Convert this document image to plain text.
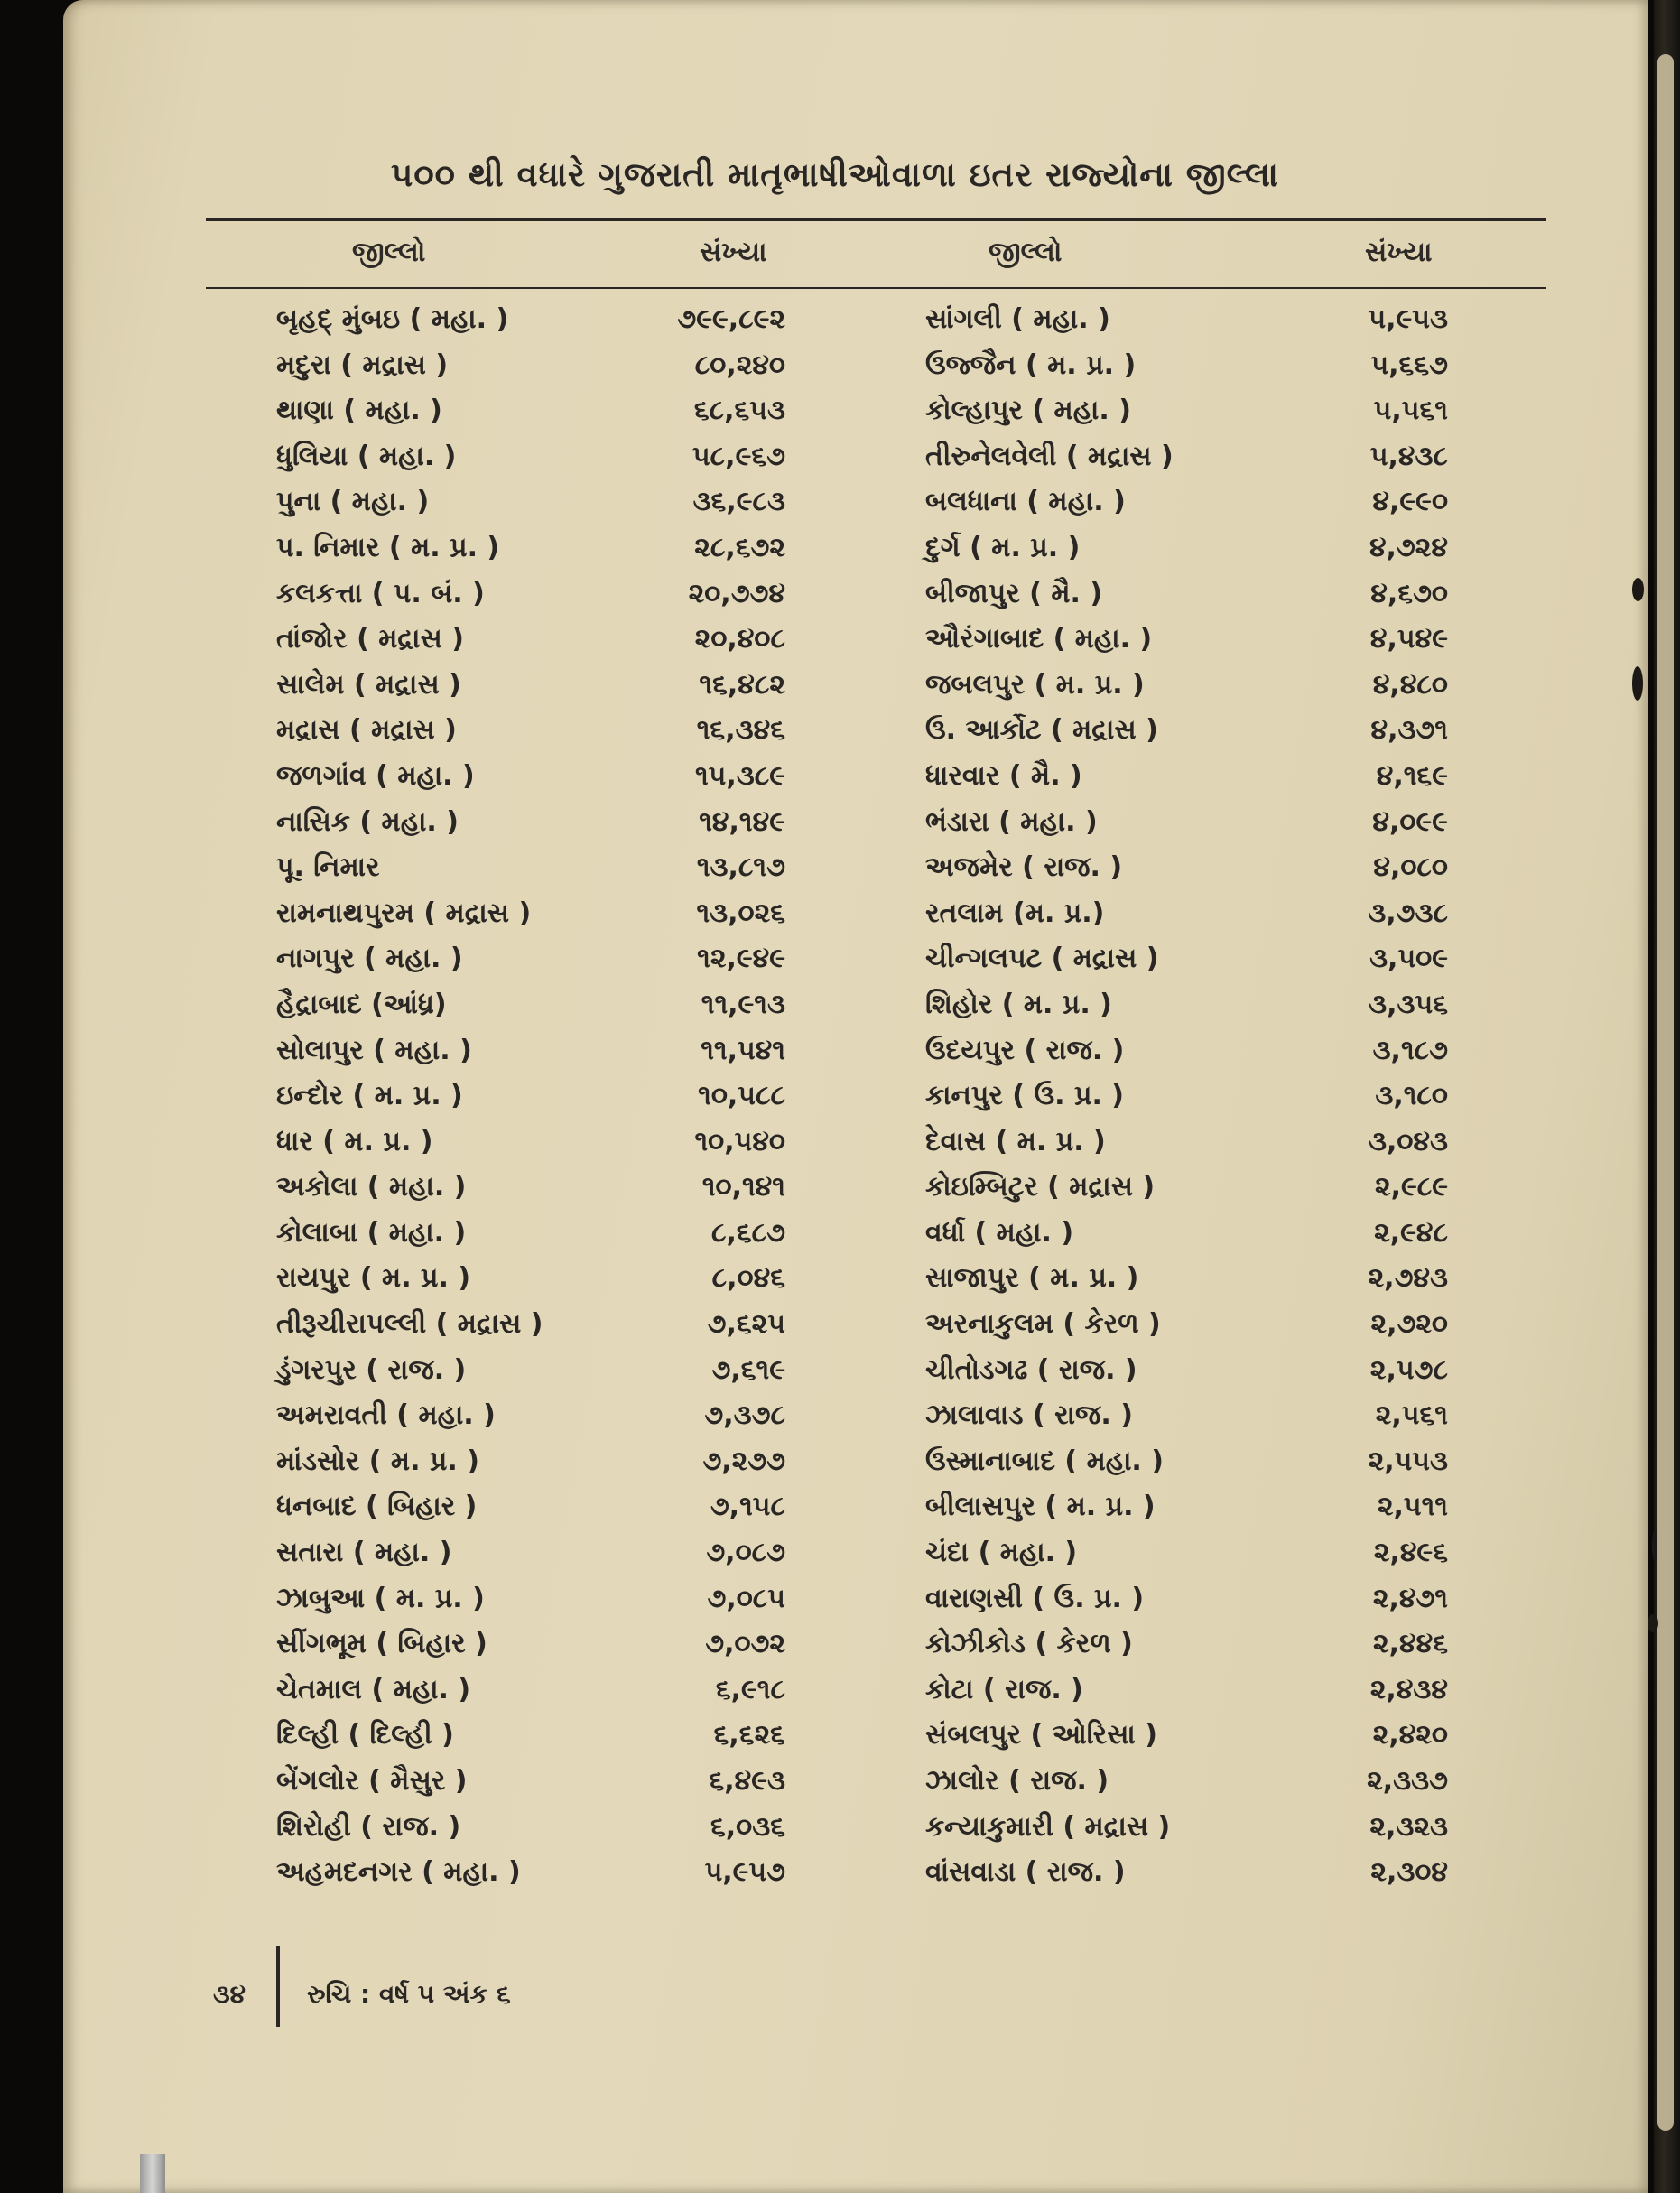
૫૦૦ થી વધારે ગુજરાતી માતૃભાષીઓવાળા ઇતર રાજ્યોના જીલ્લા
જીલ્લો	સંખ્યા	જીલ્લો	સંખ્યા
બૃહદ્ મુંબઇ ( મહા. )	૭૯૯,૮૯૨	સાંગલી ( મહા. )	૫,૯૫૩
મદુરા ( મદ્રાસ )	૮૦,૨૪૦	ઉજ્જૈન ( મ. પ્ર. )	૫,૬૬૭
થાણા ( મહા. )	૬૮,૬૫૩	કોલ્હાપુર ( મહા. )	૫,૫૬૧
ધુલિયા ( મહા. )	૫૮,૯૬૭	તીરુનેલવેલી ( મદ્રાસ )	૫,૪૩૮
પુના ( મહા. )	૩૬,૯૮૩	બલધાના ( મહા. )	૪,૯૯૦
પ. નિમાર ( મ. પ્ર. )	૨૮,૬૭૨	દુર્ગ ( મ. પ્ર. )	૪,૭૨૪
કલકત્તા ( પ. બં. )	૨૦,૭૭૪	બીજાપુર ( મૈ. )	૪,૬૭૦
તાંજોર ( મદ્રાસ )	૨૦,૪૦૮	ઔરંગાબાદ ( મહા. )	૪,૫૪૯
સાલેમ ( મદ્રાસ )	૧૬,૪૮૨	જબલપુર ( મ. પ્ર. )	૪,૪૮૦
મદ્રાસ ( મદ્રાસ )	૧૬,૩૪૬	ઉ. આર્કોટ ( મદ્રાસ )	૪,૩૭૧
જળગાંવ ( મહા. )	૧૫,૩૮૯	ધારવાર ( મૈ. )	૪,૧૬૯
નાસિક ( મહા. )	૧૪,૧૪૯	ભંડારા ( મહા. )	૪,૦૯૯
પૂ. નિમાર	૧૩,૮૧૭	અજમેર ( રાજ. )	૪,૦૮૦
રામનાથપુરમ ( મદ્રાસ )	૧૩,૦૨૬	રતલામ (મ. પ્ર.)	૩,૭૩૮
નાગપુર ( મહા. )	૧૨,૯૪૯	ચીન્ગલપટ ( મદ્રાસ )	૩,૫૦૯
હૈદ્રાબાદ (આંધ્ર)	૧૧,૯૧૩	શિહોર ( મ. પ્ર. )	૩,૩૫૬
સોલાપુર ( મહા. )	૧૧,૫૪૧	ઉદયપુર ( રાજ. )	૩,૧૮૭
ઇન્દોર ( મ. પ્ર. )	૧૦,૫૮૮	કાનપુર ( ઉ. પ્ર. )	૩,૧૮૦
ધાર ( મ. પ્ર. )	૧૦,૫૪૦	દેવાસ ( મ. પ્ર. )	૩,૦૪૩
અકોલા ( મહા. )	૧૦,૧૪૧	કોઇમ્બિટુર ( મદ્રાસ )	૨,૯૮૯
કોલાબા ( મહા. )	૮,૬૮૭	વર્ધા ( મહા. )	૨,૯૪૮
રાયપુર ( મ. પ્ર. )	૮,૦૪૬	સાજાપુર ( મ. પ્ર. )	૨,૭૪૩
તીરૂચીરાપલ્લી ( મદ્રાસ )	૭,૬૨૫	અરનાકુલમ ( કેરળ )	૨,૭૨૦
ડુંગરપુર ( રાજ. )	૭,૬૧૯	ચીતોડગઢ ( રાજ. )	૨,૫૭૮
અમરાવતી ( મહા. )	૭,૩૭૮	ઝાલાવાડ ( રાજ. )	૨,૫૬૧
માંડસોર ( મ. પ્ર. )	૭,૨૭૭	ઉસ્માનાબાદ ( મહા. )	૨,૫૫૩
ધનબાદ ( બિહાર )	૭,૧૫૮	બીલાસપુર ( મ. પ્ર. )	૨,૫૧૧
સતારા ( મહા. )	૭,૦૮૭	ચંદા ( મહા. )	૨,૪૯૬
ઝાબુઆ ( મ. પ્ર. )	૭,૦૮૫	વારાણસી ( ઉ. પ્ર. )	૨,૪૭૧
સીંગભૂમ ( બિહાર )	૭,૦૭૨	કોઝીકોડ ( કેરળ )	૨,૪૪૬
ચેતમાલ ( મહા. )	૬,૯૧૮	કોટા ( રાજ. )	૨,૪૩૪
દિલ્હી ( દિલ્હી )	૬,૬૨૬	સંબલપુર ( ઓરિસા )	૨,૪૨૦
બેંગલોર ( મૈસુર )	૬,૪૯૩	ઝાલોર ( રાજ. )	૨,૩૩૭
શિરોહી ( રાજ. )	૬,૦૩૬	કન્યાકુમારી ( મદ્રાસ )	૨,૩૨૩
અહમદનગર ( મહા. )	૫,૯૫૭	વાંસવાડા ( રાજ. )	૨,૩૦૪
૩૪ રુચિ : વર્ષ ૫ અંક ૬
